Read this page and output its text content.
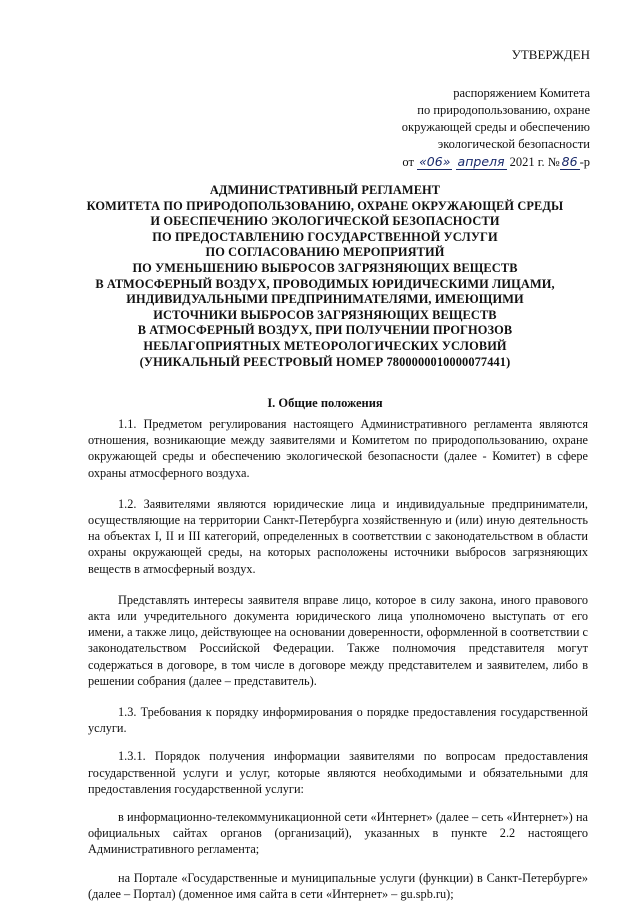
УТВЕРЖДЕН
распоряжением Комитета
по природопользованию, охране
окружающей среды и обеспечению
экологической безопасности
от «06» апреля 2021 г. № 86 -р
АДМИНИСТРАТИВНЫЙ РЕГЛАМЕНТ
КОМИТЕТА ПО ПРИРОДОПОЛЬЗОВАНИЮ, ОХРАНЕ ОКРУЖАЮЩЕЙ СРЕДЫ
И ОБЕСПЕЧЕНИЮ ЭКОЛОГИЧЕСКОЙ БЕЗОПАСНОСТИ
ПО ПРЕДОСТАВЛЕНИЮ ГОСУДАРСТВЕННОЙ УСЛУГИ
ПО СОГЛАСОВАНИЮ МЕРОПРИЯТИЙ
ПО УМЕНЬШЕНИЮ ВЫБРОСОВ ЗАГРЯЗНЯЮЩИХ ВЕЩЕСТВ
В АТМОСФЕРНЫЙ ВОЗДУХ, ПРОВОДИМЫХ ЮРИДИЧЕСКИМИ ЛИЦАМИ,
ИНДИВИДУАЛЬНЫМИ ПРЕДПРИНИМАТЕЛЯМИ, ИМЕЮЩИМИ
ИСТОЧНИКИ ВЫБРОСОВ ЗАГРЯЗНЯЮЩИХ ВЕЩЕСТВ
В АТМОСФЕРНЫЙ ВОЗДУХ, ПРИ ПОЛУЧЕНИИ ПРОГНОЗОВ
НЕБЛАГОПРИЯТНЫХ МЕТЕОРОЛОГИЧЕСКИХ УСЛОВИЙ
(УНИКАЛЬНЫЙ РЕЕСТРОВЫЙ НОМЕР 7800000010000077441)
I. Общие положения

1.1. Предметом регулирования настоящего Административного регламента являются отношения, возникающие между заявителями и Комитетом по природопользованию, охране окружающей среды и обеспечению экологической безопасности (далее - Комитет) в сфере охраны атмосферного воздуха.

1.2. Заявителями являются юридические лица и индивидуальные предприниматели, осуществляющие на территории Санкт-Петербурга хозяйственную и (или) иную деятельность на объектах I, II и III категорий, определенных в соответствии с законодательством в области охраны окружающей среды, на которых расположены источники выбросов загрязняющих веществ в атмосферный воздух.

Представлять интересы заявителя вправе лицо, которое в силу закона, иного правового акта или учредительного документа юридического лица уполномочено выступать от его имени, а также лицо, действующее на основании доверенности, оформленной в соответствии с законодательством Российской Федерации. Также полномочия представителя могут содержаться в договоре, в том числе в договоре между представителем и заявителем, либо в решении собрания (далее – представитель).

1.3. Требования к порядку информирования о порядке предоставления государственной услуги.

1.3.1. Порядок получения информации заявителями по вопросам предоставления государственной услуги и услуг, которые являются необходимыми и обязательными для предоставления государственной услуги:

в информационно-телекоммуникационной сети «Интернет» (далее – сеть «Интернет») на официальных сайтах органов (организаций), указанных в пункте 2.2 настоящего Административного регламента;

на Портале «Государственные и муниципальные услуги (функции) в Санкт-Петербурге» (далее – Портал) (доменное имя сайта в сети «Интернет» – gu.spb.ru);
